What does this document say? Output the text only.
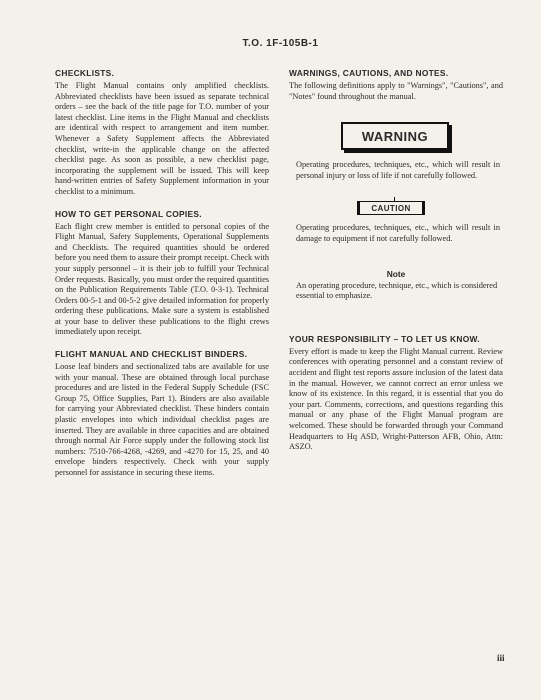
T.O. 1F-105B-1
CHECKLISTS.

The Flight Manual contains only amplified checklists. Abbreviated checklists have been issued as separate technical orders – see the back of the title page for T.O. number of your latest checklist. Line items in the Flight Manual and checklists are identical with respect to arrangement and item number. Whenever a Safety Supplement affects the Abbreviated checklist, write-in the applicable change on the affected checklist page. As soon as possible, a new checklist page, incorporating the supplement will be issued. This will keep hand-written entries of Safety Supplement information in your checklist to a minimum.

HOW TO GET PERSONAL COPIES.

Each flight crew member is entitled to personal copies of the Flight Manual, Safety Supplements, Operational Supplements and Checklists. The required quantities should be ordered before you need them to assure their prompt receipt. Check with your supply personnel – it is their job to fulfill your Technical Order requests. Basically, you must order the required quantities on the Publication Requirements Table (T.O. 0-3-1). Technical Orders 00-5-1 and 00-5-2 give detailed information for properly ordering these publications. Make sure a system is established at your base to deliver these publications to the flight crews immediately upon receipt.

FLIGHT MANUAL AND CHECKLIST BINDERS.

Loose leaf binders and sectionalized tabs are available for use with your manual. These are obtained through local purchase procedures and are listed in the Federal Supply Schedule (FSC Group 75, Office Supplies, Part 1). Binders are also available for carrying your Abbreviated checklist. These binders contain plastic envelopes into which individual checklist pages are inserted. They are available in three capacities and are obtained through normal Air Force supply under the following stock list numbers: 7510-766-4268, -4269, and -4270 for 15, 25, and 40 envelope binders respectively. Check with your supply personnel for assistance in securing these items.

WARNINGS, CAUTIONS, AND NOTES.

The following definitions apply to "Warnings", "Cautions", and "Notes" found throughout the manual.

WARNING

Operating procedures, techniques, etc., which will result in personal injury or loss of life if not carefully followed.

CAUTION

Operating procedures, techniques, etc., which will result in damage to equipment if not carefully followed.

Note

An operating procedure, technique, etc., which is considered essential to emphasize.

YOUR RESPONSIBILITY – TO LET US KNOW.

Every effort is made to keep the Flight Manual current. Review conferences with operating personnel and a constant review of accident and flight test reports assure inclusion of the latest data in the manual. However, we cannot correct an error unless we know of its existence. In this regard, it is essential that you do your part. Comments, corrections, and questions regarding this manual or any phase of the Flight Manual program are welcomed. These should be forwarded through your Command Headquarters to Hq ASD, Wright-Patterson AFB, Ohio, Attn: ASZO.

iii
